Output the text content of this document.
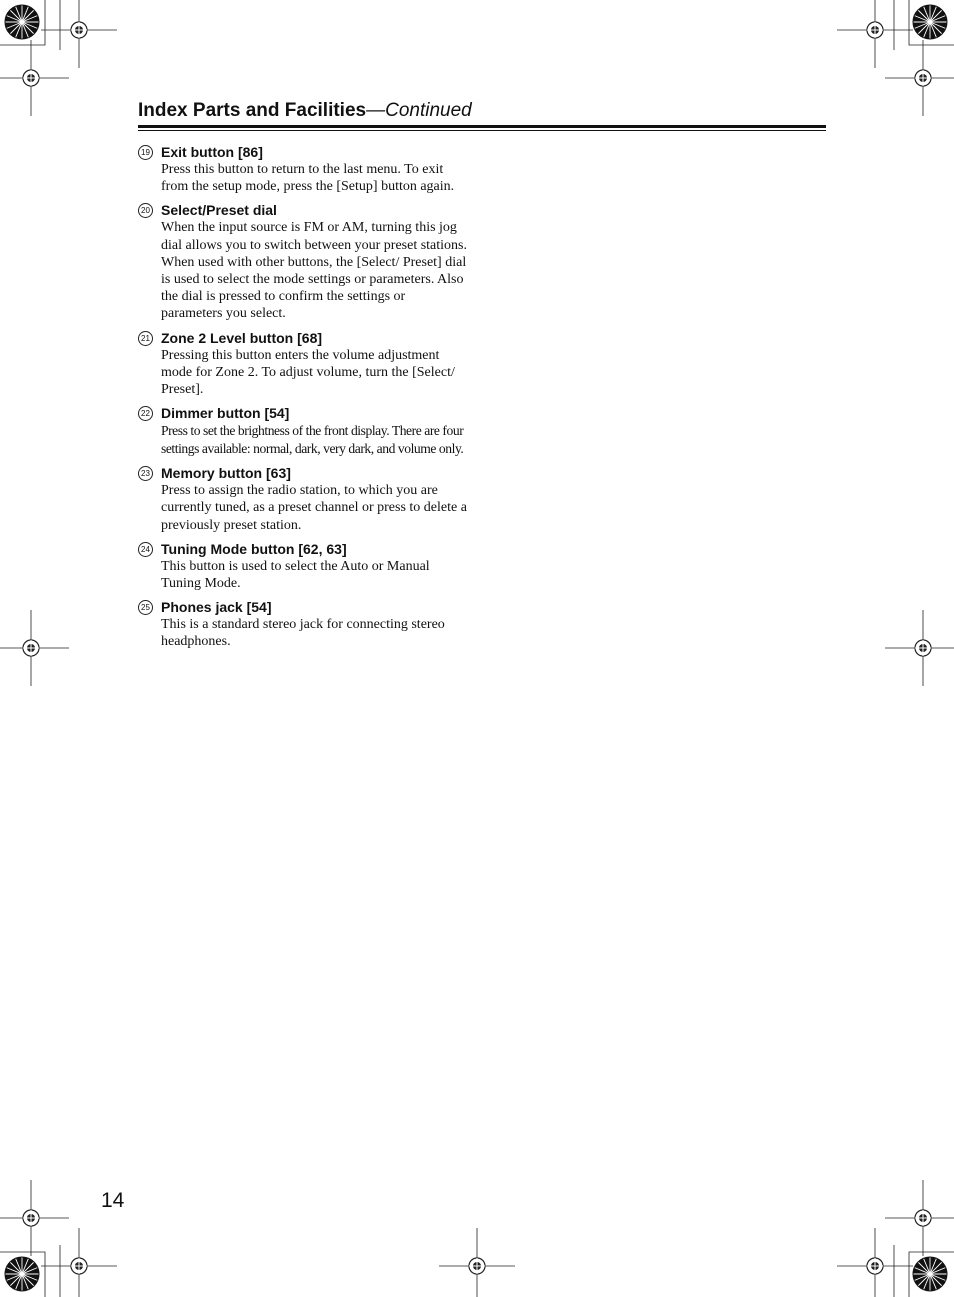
Index Parts and Facilities—Continued
19 Exit button [86]
Press this button to return to the last menu. To exit from the setup mode, press the [Setup] button again.
20 Select/Preset dial
When the input source is FM or AM, turning this jog dial allows you to switch between your preset stations. When used with other buttons, the [Select/ Preset] dial is used to select the mode settings or parameters. Also the dial is pressed to confirm the settings or parameters you select.
21 Zone 2 Level button [68]
Pressing this button enters the volume adjustment mode for Zone 2. To adjust volume, turn the [Select/ Preset].
22 Dimmer button [54]
Press to set the brightness of the front display. There are four settings available: normal, dark, very dark, and volume only.
23 Memory button [63]
Press to assign the radio station, to which you are currently tuned, as a preset channel or press to delete a previously preset station.
24 Tuning Mode button [62, 63]
This button is used to select the Auto or Manual Tuning Mode.
25 Phones jack [54]
This is a standard stereo jack for connecting stereo headphones.
14
